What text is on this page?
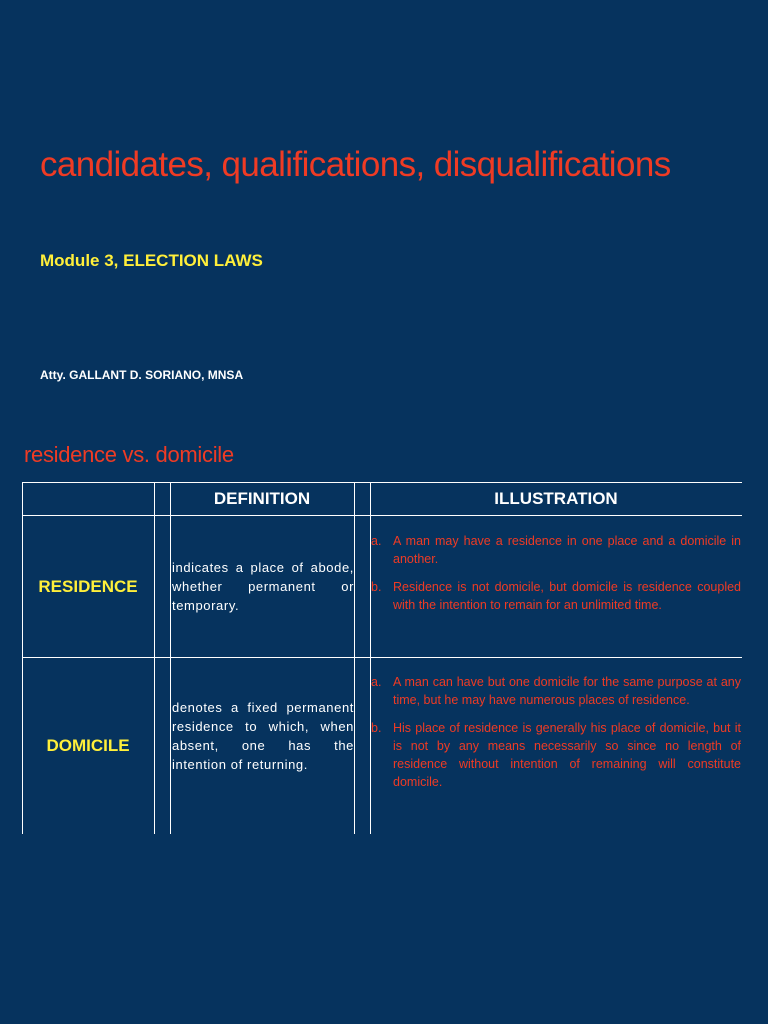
candidates, qualifications, disqualifications

Module 3, ELECTION LAWS

Atty. GALLANT D. SORIANO, MNSA

residence vs. domicile
DEFINITION	ILLUSTRATION
RESIDENCE

indicates a place of abode, whether permanent or temporary.

a. A man may have a residence in one place and a domicile in another.
b. Residence is not domicile, but domicile is residence coupled with the intention to remain for an unlimited time.
DOMICILE

denotes a fixed permanent residence to which, when absent, one has the intention of returning.

a. A man can have but one domicile for the same purpose at any time, but he may have numerous places of residence.
b. His place of residence is generally his place of domicile, but it is not by any means necessarily so since no length of residence without intention of remaining will constitute domicile.
